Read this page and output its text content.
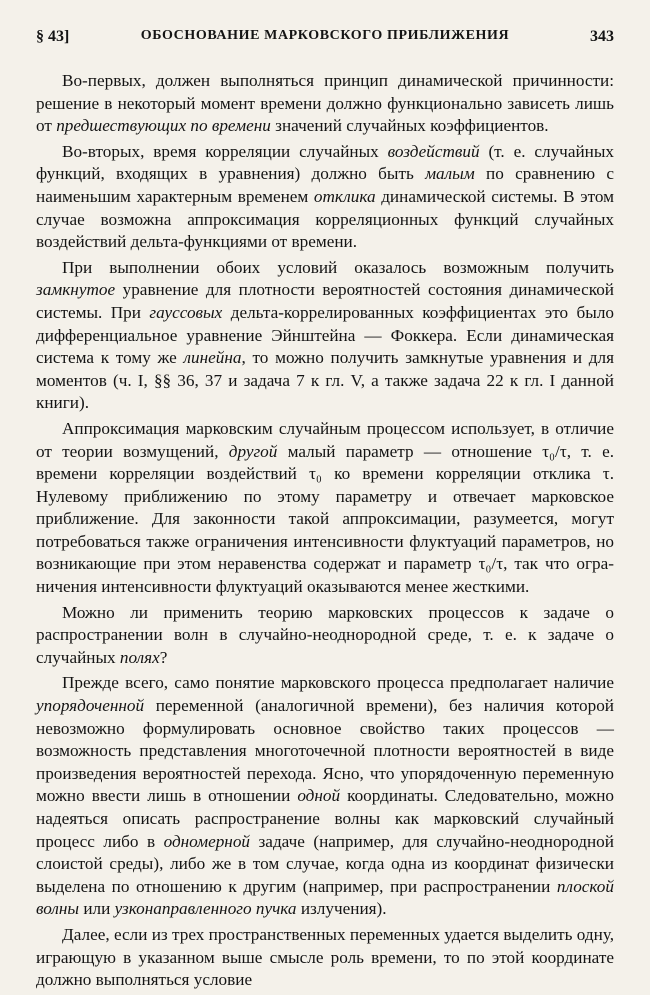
§ 43]	ОБОСНОВАНИЕ МАРКОВСКОГО ПРИБЛИЖЕНИЯ	343

Во-первых, должен выполняться принцип динамической причинности: решение в некоторый момент времени должно функционально зависеть лишь от предшествующих по времени значений случайных коэффициентов.

Во-вторых, время корреляции случайных воздействий (т. е. случайных функций, входящих в уравнения) должно быть малым по сравнению с наименьшим характерным временем отклика динамической системы. В этом случае возможна аппроксимация корреляционных функций случайных воздействий дельта-функциями от времени.

При выполнении обоих условий оказалось возможным получить замкнутое уравнение для плотности вероятностей состояния динамической системы. При гауссовых дельта-коррелированных коэффициентах это было дифференциальное уравнение Эйнштейна — Фоккера. Если динамическая система к тому же линейна, то можно получить замкнутые уравнения и для моментов (ч. I, §§ 36, 37 и задача 7 к гл. V, а также задача 22 к гл. I данной книги).

Аппроксимация марковским случайным процессом использует, в отличие от теории возмущений, другой малый параметр — отношение τ₀/τ, т. е. времени корреляции воздействий τ₀ ко времени корреляции отклика τ. Нулевому приближению по этому параметру и отвечает марковское приближение. Для законности такой аппроксимации, разумеется, могут потребоваться также ограничения интенсивности флуктуаций параметров, но возникающие при этом неравенства содержат и параметр τ₀/τ, так что ограничения интенсивности флуктуаций оказываются менее жесткими.

Можно ли применить теорию марковских процессов к задаче о распространении волн в случайно-неоднородной среде, т. е. к задаче о случайных полях?

Прежде всего, само понятие марковского процесса предполагает наличие упорядоченной переменной (аналогичной времени), без наличия которой невозможно формулировать основное свойство таких процессов — возможность представления многоточечной плотности вероятностей в виде произведения вероятностей перехода. Ясно, что упорядоченную переменную можно ввести лишь в отношении одной координаты. Следовательно, можно надеяться описать распространение волны как марковский случайный процесс либо в одномерной задаче (например, для случайно-неоднородной слоистой среды), либо же в том случае, когда одна из координат физически выделена по отношению к другим (например, при распространении плоской волны или узконаправленного пучка излучения).

Далее, если из трех пространственных переменных удается выделить одну, играющую в указанном выше смысле роль времени, то по этой координате должно выполняться условие
